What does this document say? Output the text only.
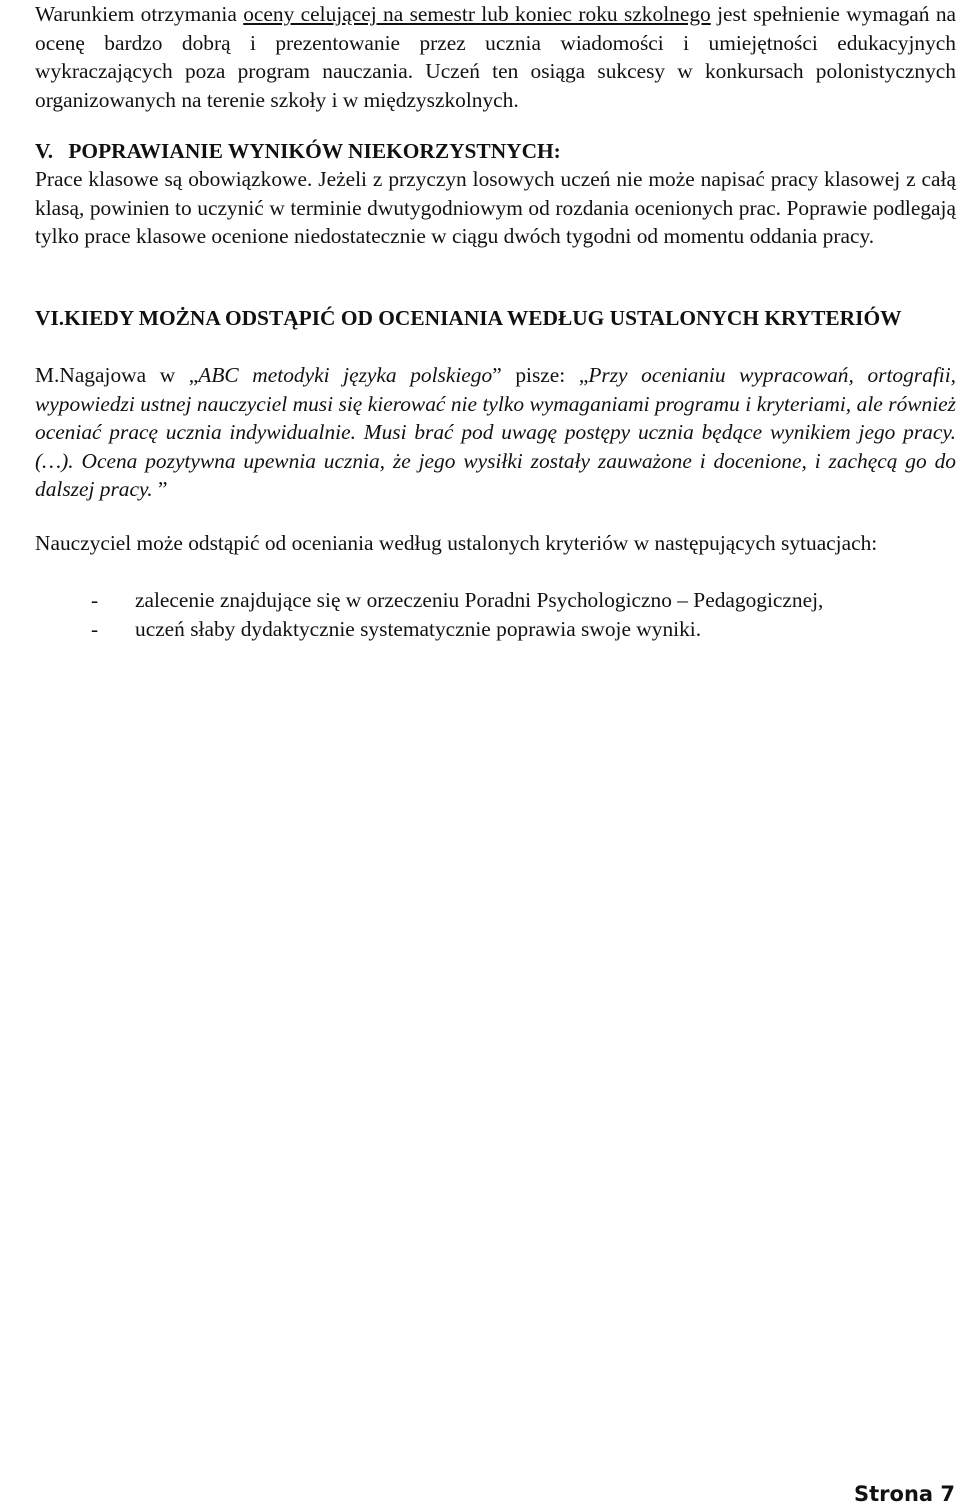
Warunkiem otrzymania oceny celującej na semestr lub koniec roku szkolnego jest spełnienie wymagań na ocenę bardzo dobrą i prezentowanie przez ucznia wiadomości i umiejętności edukacyjnych wykraczających poza program nauczania. Uczeń ten osiąga sukcesy w konkursach polonistycznych organizowanych na terenie szkoły i w międzyszkolnych.

V. POPRAWIANIE WYNIKÓW NIEKORZYSTNYCH:

Prace klasowe są obowiązkowe. Jeżeli z przyczyn losowych uczeń nie może napisać pracy klasowej z całą klasą, powinien to uczynić w terminie dwutygodniowym od rozdania ocenionych prac. Poprawie podlegają tylko prace klasowe ocenione niedostatecznie w ciągu dwóch tygodni od momentu oddania pracy.

VI. KIEDY MOŻNA ODSTĄPIĆ OD OCENIANIA WEDŁUG USTALONYCH KRYTERIÓW

M.Nagajowa w „ABC metodyki języka polskiego” pisze: „Przy ocenianiu wypracowań, ortografii, wypowiedzi ustnej nauczyciel musi się kierować nie tylko wymaganiami programu i kryteriami, ale również oceniać pracę ucznia indywidualnie. Musi brać pod uwagę postępy ucznia będące wynikiem jego pracy. (…). Ocena pozytywna upewnia ucznia, że jego wysiłki zostały zauważone i docenione, i zachęcą go do dalszej pracy. ”

Nauczyciel może odstąpić od oceniania według ustalonych kryteriów w następujących sytuacjach:

-	zalecenie znajdujące się w orzeczeniu Poradni Psychologiczno – Pedagogicznej,
-	uczeń słaby dydaktycznie systematycznie poprawia swoje wyniki.
Strona 7
